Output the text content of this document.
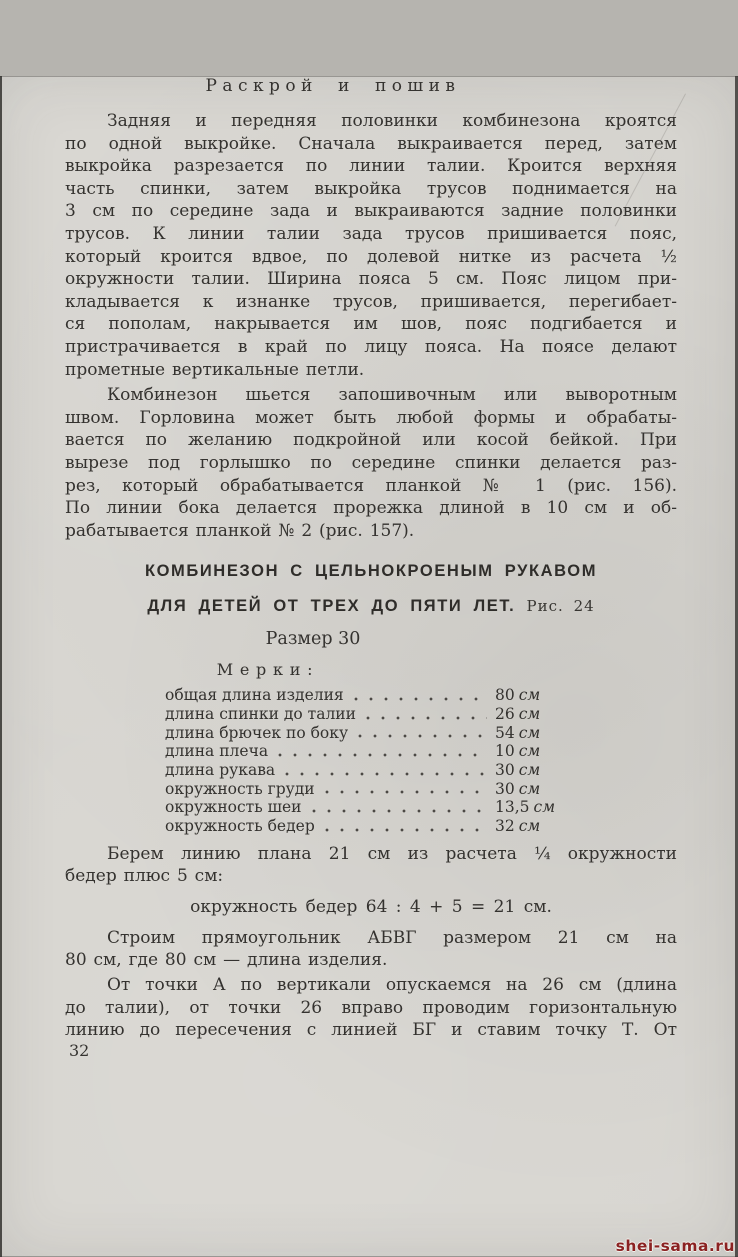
Раскрой и пошив
Задняя и передняя половинки комбинезона кроятся
по одной выкройке. Сначала выкраивается перед, затем
выкройка разрезается по линии талии. Кроится верхняя
часть спинки, затем выкройка трусов поднимается на
3 см по середине зада и выкраиваются задние половинки
трусов. К линии талии зада трусов пришивается пояс,
который кроится вдвое, по долевой нитке из расчета ½
окружности талии. Ширина пояса 5 см. Пояс лицом при-
кладывается к изнанке трусов, пришивается, перегибает-
ся пополам, накрывается им шов, пояс подгибается и
пристрачивается в край по лицу пояса. На поясе делают
прометные вертикальные петли.
Комбинезон шьется запошивочным или выворотным
швом. Горловина может быть любой формы и обрабаты-
вается по желанию подкройной или косой бейкой. При
вырезе под горлышко по середине спинки делается раз-
рез, который обрабатывается планкой № 1 (рис. 156).
По линии бока делается прорежка длиной в 10 см и об-
рабатывается планкой № 2 (рис. 157).
КОМБИНЕЗОН С ЦЕЛЬНОКРОЕНЫМ РУКАВОМ
ДЛЯ ДЕТЕЙ ОТ ТРЕХ ДО ПЯТИ ЛЕТ. Рис. 24
Размер 30
Мерки:
общая длина изделия	80 см
длина спинки до талии	26 см
длина брючек по боку	54 см
длина плеча	10 см
длина рукава	30 см
окружность груди	30 см
окружность шеи	13,5 см
окружность бедер	32 см
Берем линию плана 21 см из расчета ¼ окружности
бедер плюс 5 см:
окружность бедер 64 : 4 + 5 = 21 см.
Строим прямоугольник АБВГ размером 21 см на
80 см, где 80 см — длина изделия.
От точки А по вертикали опускаемся на 26 см (длина
до талии), от точки 26 вправо проводим горизонтальную
линию до пересечения с линией БГ и ставим точку Т. От
32
shei-sama.ru
